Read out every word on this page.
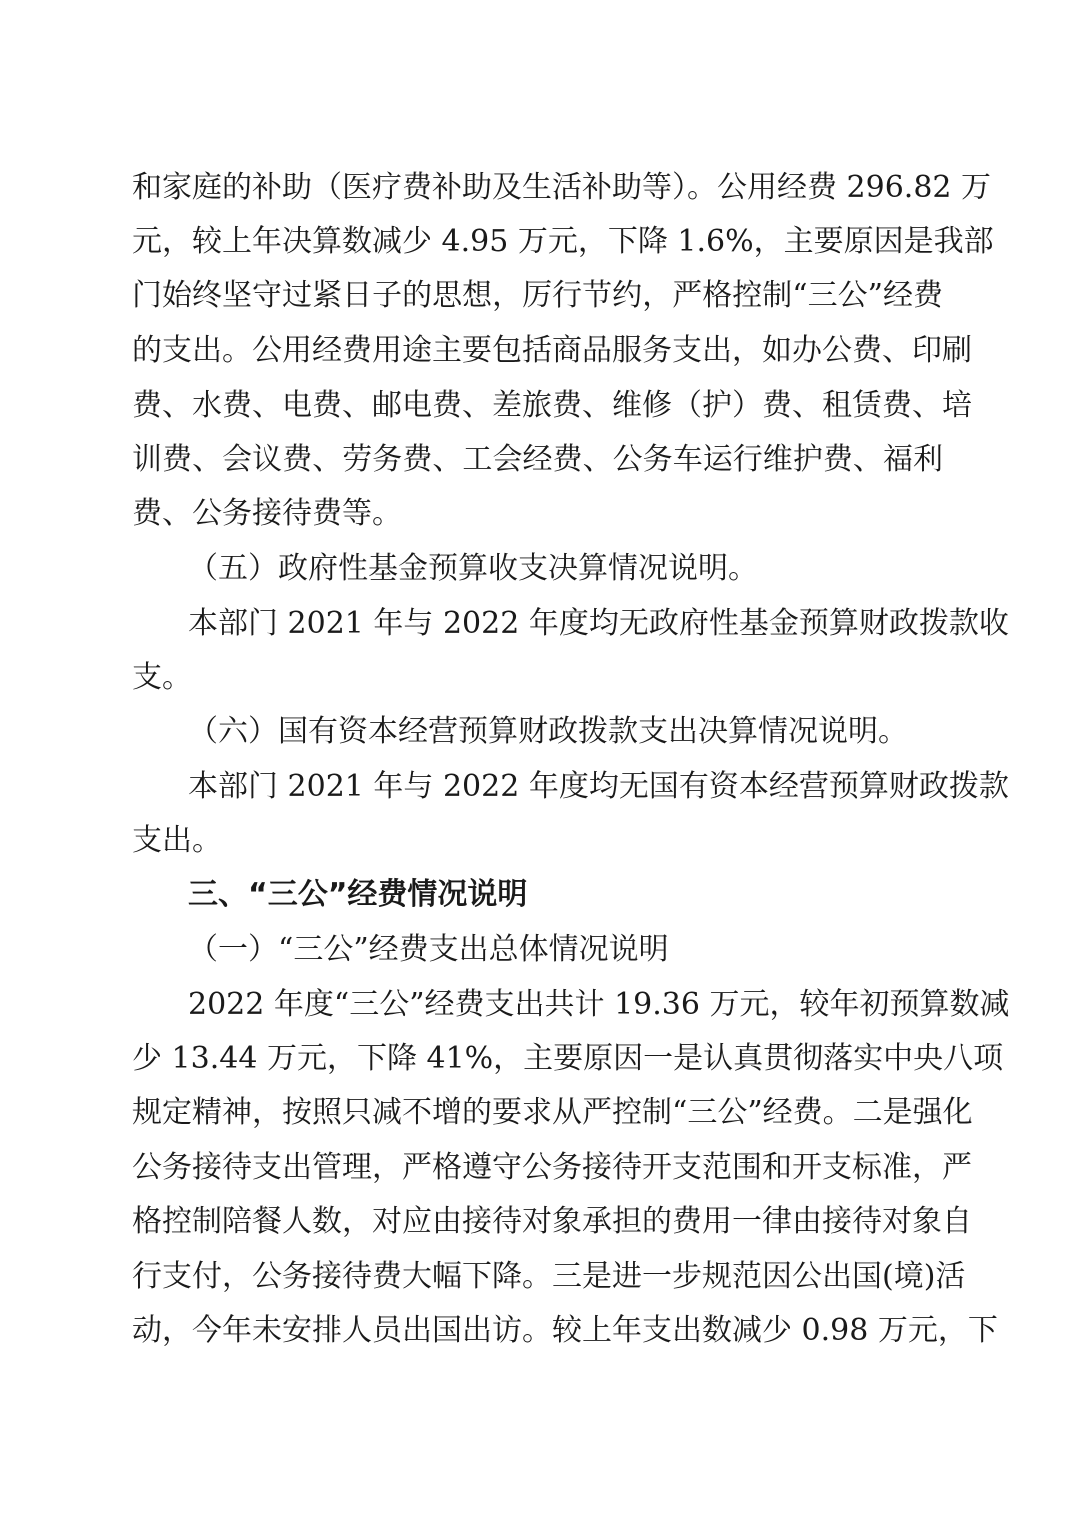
和家庭的补助（医疗费补助及生活补助等）。公用经费 296.82 万
元，较上年决算数减少 4.95 万元，下降 1.6%，主要原因是我部
门始终坚守过紧日子的思想，厉行节约，严格控制“三公”经费
的支出。公用经费用途主要包括商品服务支出，如办公费、印刷
费、水费、电费、邮电费、差旅费、维修（护）费、租赁费、培
训费、会议费、劳务费、工会经费、公务车运行维护费、福利
费、公务接待费等。
（五）政府性基金预算收支决算情况说明。
本部门 2021 年与 2022 年度均无政府性基金预算财政拨款收
支。
（六）国有资本经营预算财政拨款支出决算情况说明。
本部门 2021 年与 2022 年度均无国有资本经营预算财政拨款
支出。
三、“三公”经费情况说明
（一）“三公”经费支出总体情况说明
2022 年度“三公”经费支出共计 19.36 万元，较年初预算数减
少 13.44 万元，下降 41%，主要原因一是认真贯彻落实中央八项
规定精神，按照只减不增的要求从严控制“三公”经费。二是强化
公务接待支出管理，严格遵守公务接待开支范围和开支标准，严
格控制陪餐人数，对应由接待对象承担的费用一律由接待对象自
行支付，公务接待费大幅下降。三是进一步规范因公出国(境)活
动，今年未安排人员出国出访。较上年支出数减少 0.98 万元，下
